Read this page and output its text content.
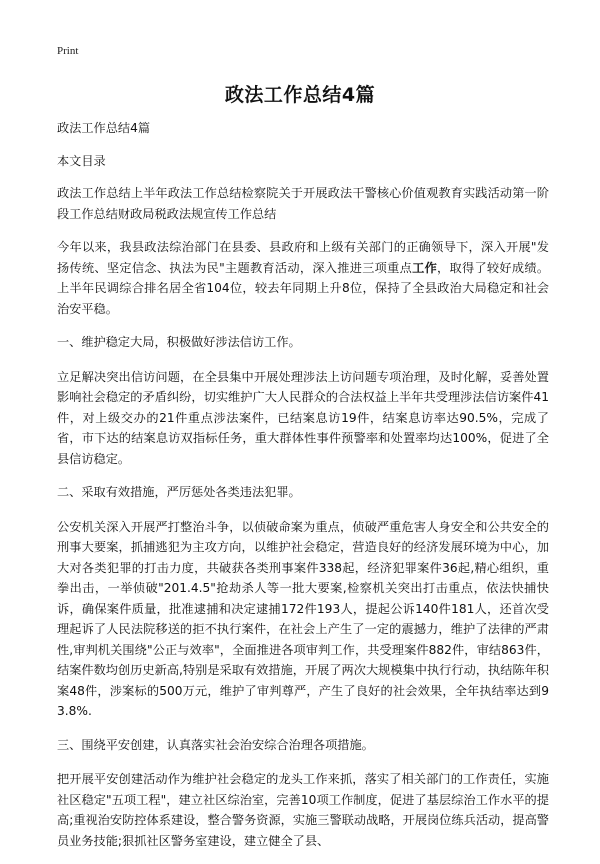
Print
政法工作总结4篇

政法工作总结4篇

本文目录

政法工作总结上半年政法工作总结检察院关于开展政法干警核心价值观教育实践活动第一阶段工作总结财政局税政法规宣传工作总结

今年以来，我县政法综治部门在县委、县政府和上级有关部门的正确领导下，深入开展"发扬传统、坚定信念、执法为民"主题教育活动，深入推进三项重点工作，取得了较好成绩。上半年民调综合排名居全省104位，较去年同期上升8位，保持了全县政治大局稳定和社会治安平稳。

一、维护稳定大局，积极做好涉法信访工作。

立足解决突出信访问题，在全县集中开展处理涉法上访问题专项治理，及时化解，妥善处置影响社会稳定的矛盾纠纷，切实维护广大人民群众的合法权益上半年共受理涉法信访案件41件，对上级交办的21件重点涉法案件，已结案息访19件，结案息访率达90.5%，完成了省，市下达的结案息访双指标任务，重大群体性事件预警率和处置率均达100%，促进了全县信访稳定。

二、采取有效措施，严厉惩处各类违法犯罪。

公安机关深入开展严打整治斗争，以侦破命案为重点，侦破严重危害人身安全和公共安全的刑事大要案，抓捕逃犯为主攻方向，以维护社会稳定，营造良好的经济发展环境为中心，加大对各类犯罪的打击力度，共破获各类刑事案件338起，经济犯罪案件36起,精心组织，重拳出击，一举侦破"201.4.5"抢劫杀人等一批大要案,检察机关突出打击重点，依法快捕快诉，确保案件质量，批准逮捕和决定逮捕172件193人，提起公诉140件181人，还首次受理起诉了人民法院移送的拒不执行案件，在社会上产生了一定的震撼力，维护了法律的严肃性,审判机关围绕"公正与效率"，全面推进各项审判工作，共受理案件882件，审结863件，结案件数均创历史新高,特别是采取有效措施，开展了两次大规模集中执行行动，执结陈年积案48件，涉案标的500万元，维护了审判尊严，产生了良好的社会效果，全年执结率达到93.8%.

三、围绕平安创建，认真落实社会治安综合治理各项措施。

把开展平安创建活动作为维护社会稳定的龙头工作来抓，落实了相关部门的工作责任，实施社区稳定"五项工程"，建立社区综治室，完善10项工作制度，促进了基层综治工作水平的提高;重视治安防控体系建设，整合警务资源，实施三警联动战略，开展岗位练兵活动，提高警员业务技能;狠抓社区警务室建设，建立健全了县、
